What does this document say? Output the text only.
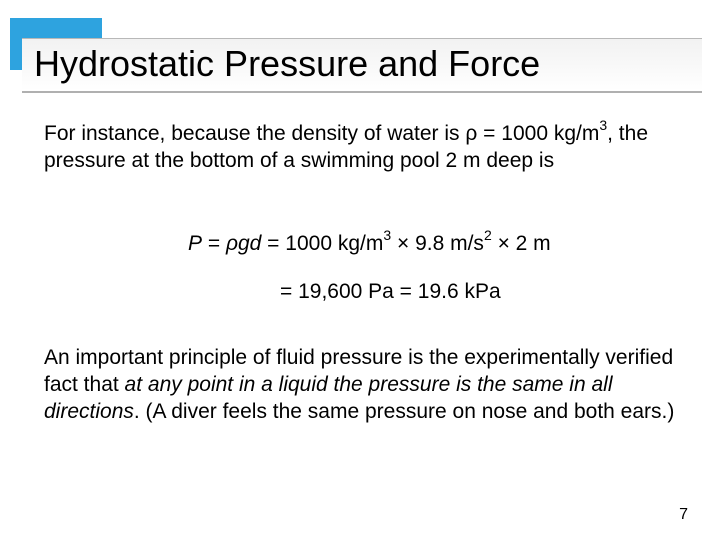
Hydrostatic Pressure and Force

For instance, because the density of water is ρ = 1000 $kg/m^3$, the pressure at the bottom of a swimming pool 2 m deep is

P = ρgd = 1000 $kg/m^3 \times 9.8$ $m/s^2 \times 2$ m

= 19,600 Pa = 19.6 kPa

An important principle of fluid pressure is the experimentally verified fact that at any point in a liquid the pressure is the same in all directions. (A diver feels the same pressure on nose and both ears.)

7
